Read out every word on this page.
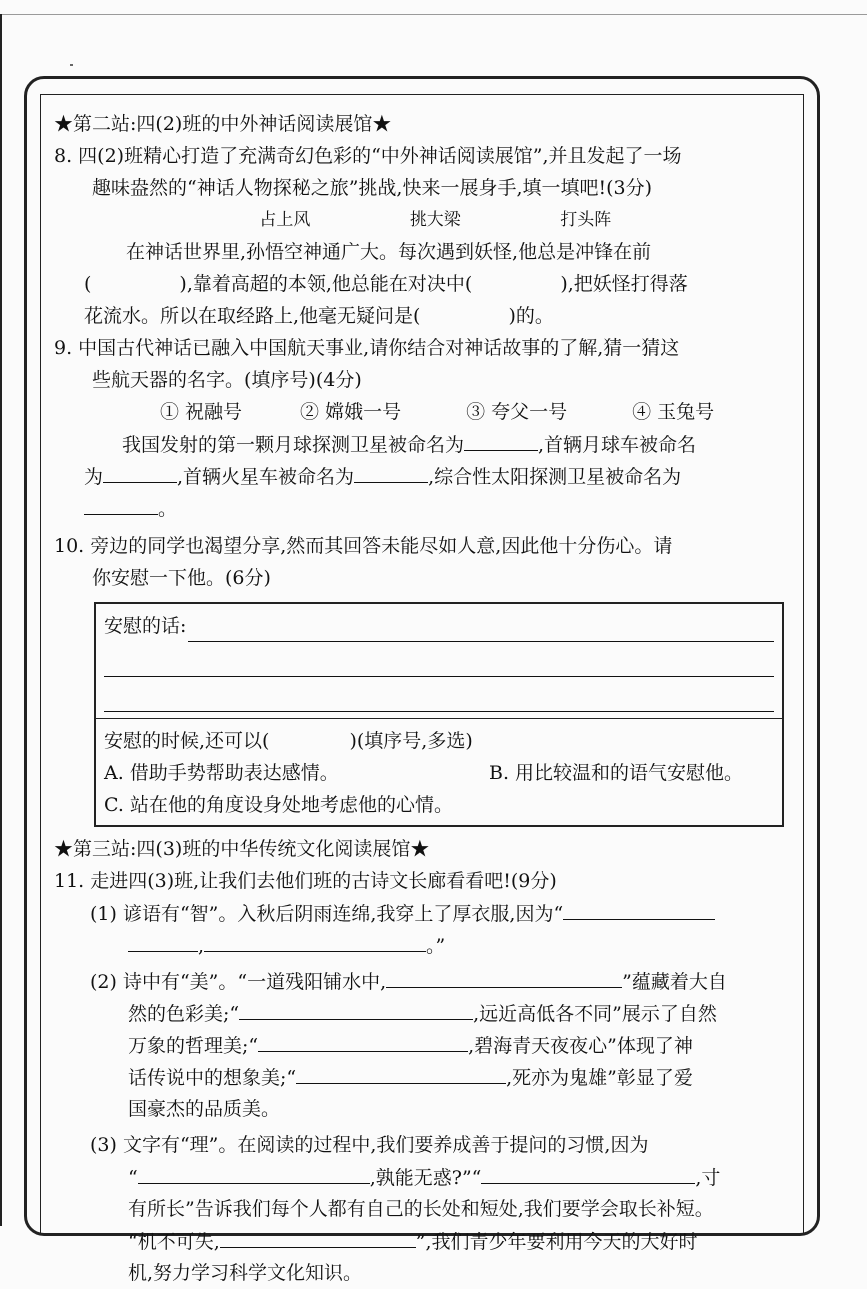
★第二站:四(2)班的中外神话阅读展馆★
8. 四(2)班精心打造了充满奇幻色彩的“中外神话阅读展馆”,并且发起了一场
趣味盎然的“神话人物探秘之旅”挑战,快来一展身手,填一填吧!(3分)
占上风	挑大梁	打头阵
在神话世界里,孙悟空神通广大。每次遇到妖怪,他总是冲锋在前
(	),靠着高超的本领,他总能在对决中(	),把妖怪打得落
花流水。所以在取经路上,他毫无疑问是(	)的。
9. 中国古代神话已融入中国航天事业,请你结合对神话故事的了解,猜一猜这
些航天器的名字。(填序号)(4分)
① 祝融号	② 嫦娥一号	③ 夸父一号	④ 玉兔号
我国发射的第一颗月球探测卫星被命名为	,首辆月球车被命名
为	,首辆火星车被命名为	,综合性太阳探测卫星被命名为
。
10. 旁边的同学也渴望分享,然而其回答未能尽如人意,因此他十分伤心。请
你安慰一下他。(6分)
安慰的话:
安慰的时候,还可以(	)(填序号,多选)
A. 借助手势帮助表达感情。	B. 用比较温和的语气安慰他。
C. 站在他的角度设身处地考虑他的心情。
★第三站:四(3)班的中华传统文化阅读展馆★
11. 走进四(3)班,让我们去他们班的古诗文长廊看看吧!(9分)
(1) 谚语有“智”。入秋后阴雨连绵,我穿上了厚衣服,因为“
,	。”
(2) 诗中有“美”。“一道残阳铺水中,	”蕴藏着大自
然的色彩美;“	,远近高低各不同”展示了自然
万象的哲理美;“	,碧海青天夜夜心”体现了神
话传说中的想象美;“	,死亦为鬼雄”彰显了爱
国豪杰的品质美。
(3) 文字有“理”。在阅读的过程中,我们要养成善于提问的习惯,因为
“	,孰能无惑?”“	,寸
有所长”告诉我们每个人都有自己的长处和短处,我们要学会取长补短。
“机不可失,	”,我们青少年要利用今天的大好时
机,努力学习科学文化知识。
